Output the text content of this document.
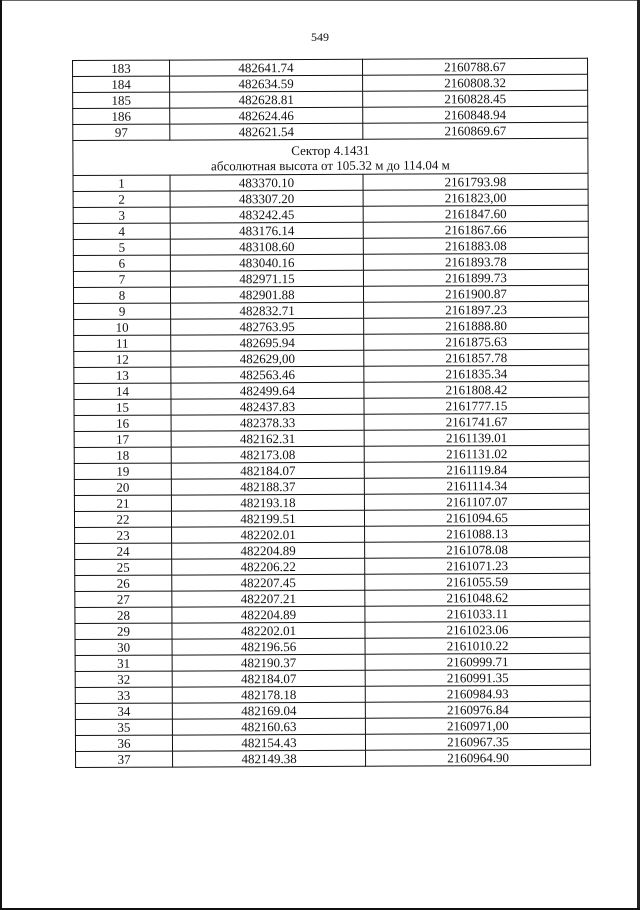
549
183	482641.74	2160788.67
184	482634.59	2160808.32
185	482628.81	2160828.45
186	482624.46	2160848.94
97	482621.54	2160869.67

Сектор 4.1431
абсолютная высота от 105.32 м до 114.04 м		

1	483370.10	2161793.98
2	483307.20	2161823,00
3	483242.45	2161847.60
4	483176.14	2161867.66
5	483108.60	2161883.08
6	483040.16	2161893.78
7	482971.15	2161899.73
8	482901.88	2161900.87
9	482832.71	2161897.23
10	482763.95	2161888.80
11	482695.94	2161875.63
12	482629,00	2161857.78
13	482563.46	2161835.34
14	482499.64	2161808.42
15	482437.83	2161777.15
16	482378.33	2161741.67
17	482162.31	2161139.01
18	482173.08	2161131.02
19	482184.07	2161119.84
20	482188.37	2161114.34
21	482193.18	2161107.07
22	482199.51	2161094.65
23	482202.01	2161088.13
24	482204.89	2161078.08
25	482206.22	2161071.23
26	482207.45	2161055.59
27	482207.21	2161048.62
28	482204.89	2161033.11
29	482202.01	2161023.06
30	482196.56	2161010.22
31	482190.37	2160999.71
32	482184.07	2160991.35
33	482178.18	2160984.93
34	482169.04	2160976.84
35	482160.63	2160971,00
36	482154.43	2160967.35
37	482149.38	2160964.90
